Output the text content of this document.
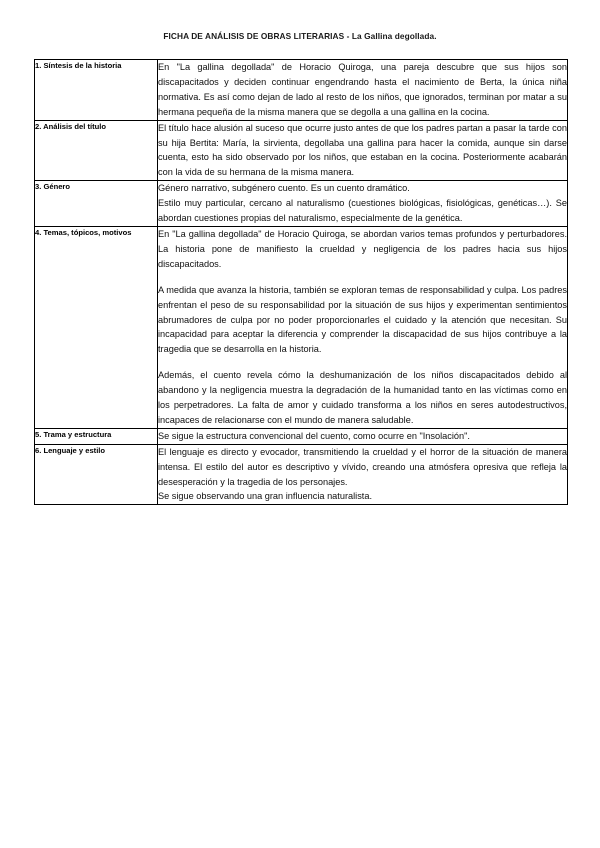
FICHA DE ANÁLISIS DE OBRAS LITERARIAS - La Gallina degollada.
1. Síntesis de la historia	En "La gallina degollada" de Horacio Quiroga, una pareja descubre que sus hijos son discapacitados y deciden continuar engendrando hasta el nacimiento de Berta, la única niña normativa. Es así como dejan de lado al resto de los niños, que ignorados, terminan por matar a su hermana pequeña de la misma manera que se degolla a una gallina en la cocina.

2. Análisis del título	El título hace alusión al suceso que ocurre justo antes de que los padres partan a pasar la tarde con su hija Bertita: María, la sirvienta, degollaba una gallina para hacer la comida, aunque sin darse cuenta, esto ha sido observado por los niños, que estaban en la cocina. Posteriormente acabarán con la vida de su hermana de la misma manera.

3. Género	Género narrativo, subgénero cuento. Es un cuento dramático.

Estilo muy particular, cercano al naturalismo (cuestiones biológicas, fisiológicas, genéticas…). Se abordan cuestiones propias del naturalismo, especialmente de la genética.

4. Temas, tópicos, motivos	En "La gallina degollada" de Horacio Quiroga, se abordan varios temas profundos y perturbadores. La historia pone de manifiesto la crueldad y negligencia de los padres hacia sus hijos discapacitados.

A medida que avanza la historia, también se exploran temas de responsabilidad y culpa. Los padres enfrentan el peso de su responsabilidad por la situación de sus hijos y experimentan sentimientos abrumadores de culpa por no poder proporcionarles el cuidado y la atención que necesitan. Su incapacidad para aceptar la diferencia y comprender la discapacidad de sus hijos contribuye a la tragedia que se desarrolla en la historia.

Además, el cuento revela cómo la deshumanización de los niños discapacitados debido al abandono y la negligencia muestra la degradación de la humanidad tanto en las víctimas como en los perpetradores. La falta de amor y cuidado transforma a los niños en seres autodestructivos, incapaces de relacionarse con el mundo de manera saludable.

5. Trama y estructura	Se sigue la estructura convencional del cuento, como ocurre en "Insolación".

6. Lenguaje y estilo	El lenguaje es directo y evocador, transmitiendo la crueldad y el horror de la situación de manera intensa. El estilo del autor es descriptivo y vívido, creando una atmósfera opresiva que refleja la desesperación y la tragedia de los personajes.

Se sigue observando una gran influencia naturalista.
